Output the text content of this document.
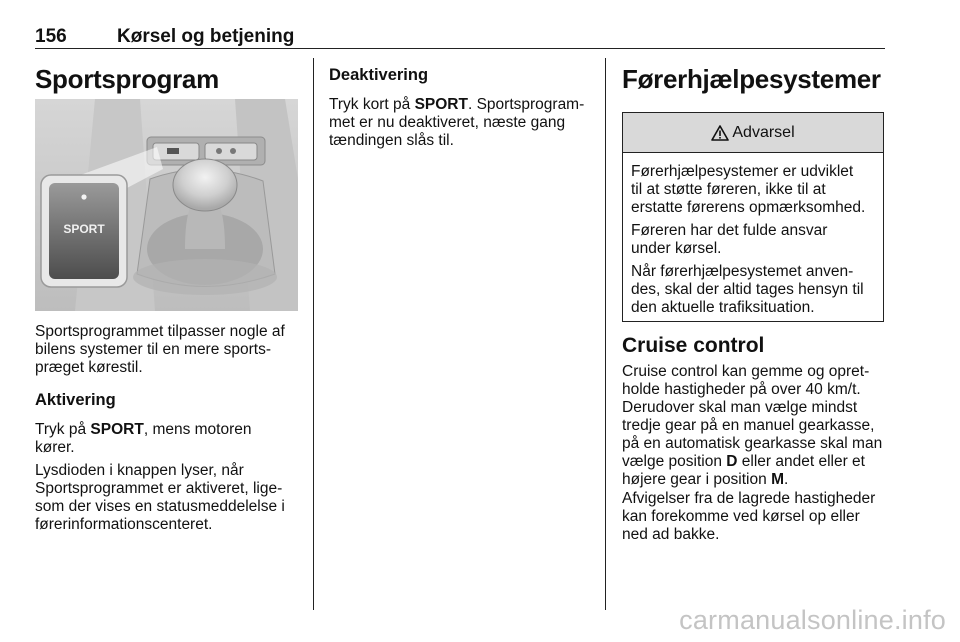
156	Kørsel og betjening
Sportsprogram
SPORT
Sportsprogrammet tilpasser nogle af
bilens systemer til en mere sports-
præget kørestil.
Aktivering
Tryk på SPORT, mens motoren
kører.
Lysdioden i knappen lyser, når
Sportsprogrammet er aktiveret, lige-
som der vises en statusmeddelelse i
førerinformationscenteret.
Deaktivering
Tryk kort på SPORT. Sportsprogram-
met er nu deaktiveret, næste gang
tændingen slås til.
Førerhjælpesystemer
Advarsel
Førerhjælpesystemer er udviklet
til at støtte føreren, ikke til at
erstatte førerens opmærksomhed.
Føreren har det fulde ansvar
under kørsel.
Når førerhjælpesystemet anven-
des, skal der altid tages hensyn til
den aktuelle trafiksituation.
Cruise control
Cruise control kan gemme og opret-
holde hastigheder på over 40 km/t.
Derudover skal man vælge mindst
tredje gear på en manuel gearkasse,
på en automatisk gearkasse skal man
vælge position D eller andet eller et
højere gear i position M.
Afvigelser fra de lagrede hastigheder
kan forekomme ved kørsel op eller
ned ad bakke.
carmanualsonline.info
